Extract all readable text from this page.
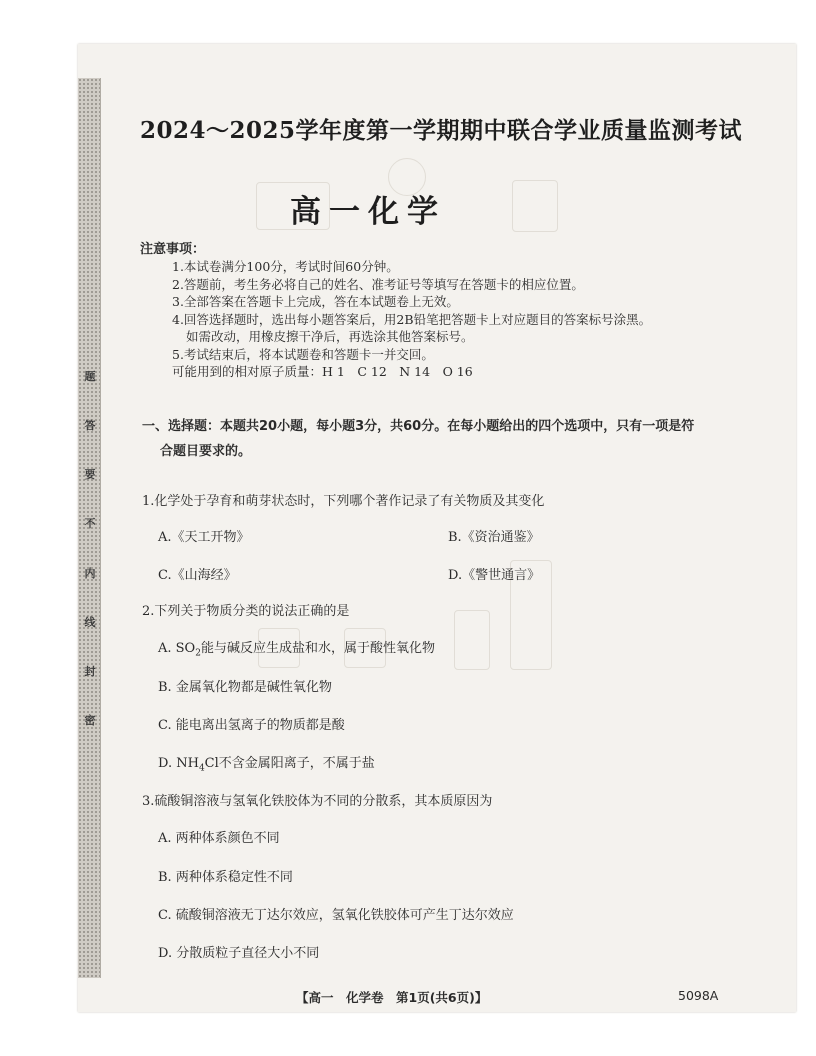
题
答
要
不
内
线
封
密
2024～2025学年度第一学期期中联合学业质量监测考试
高一化学
注意事项：
1.本试卷满分100分，考试时间60分钟。
2.答题前，考生务必将自己的姓名、准考证号等填写在答题卡的相应位置。
3.全部答案在答题卡上完成，答在本试题卷上无效。
4.回答选择题时，选出每小题答案后，用2B铅笔把答题卡上对应题目的答案标号涂黑。
如需改动，用橡皮擦干净后，再选涂其他答案标号。
5.考试结束后，将本试题卷和答题卡一并交回。
可能用到的相对原子质量：H 1　C 12　N 14　O 16
一、选择题：本题共20小题，每小题3分，共60分。在每小题给出的四个选项中，只有一项是符
合题目要求的。
1.化学处于孕育和萌芽状态时，下列哪个著作记录了有关物质及其变化
A.《天工开物》	B.《资治通鉴》
C.《山海经》	D.《警世通言》
2.下列关于物质分类的说法正确的是
A. $SO_2$能与碱反应生成盐和水，属于酸性氧化物
B. 金属氧化物都是碱性氧化物
C. 能电离出氢离子的物质都是酸
D. $NH_4Cl$不含金属阳离子，不属于盐
3.硫酸铜溶液与氢氧化铁胶体为不同的分散系，其本质原因为
A. 两种体系颜色不同
B. 两种体系稳定性不同
C. 硫酸铜溶液无丁达尔效应，氢氧化铁胶体可产生丁达尔效应
D. 分散质粒子直径大小不同
【高一　化学卷　第1页(共6页)】	5098A
